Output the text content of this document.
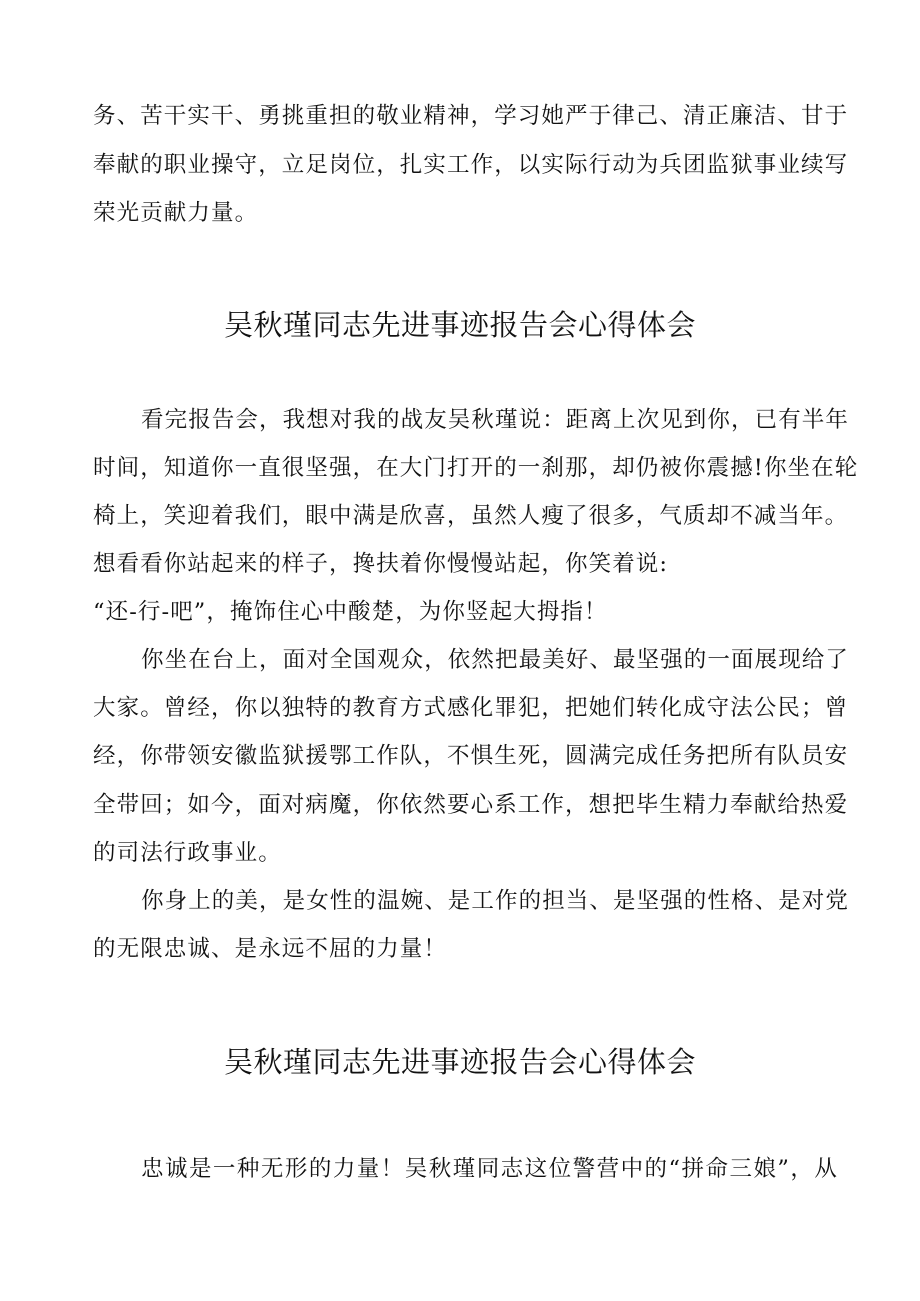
务、苦干实干、勇挑重担的敬业精神，学习她严于律己、清正廉洁、甘于
奉献的职业操守，立足岗位，扎实工作，以实际行动为兵团监狱事业续写
荣光贡献力量。
吴秋瑾同志先进事迹报告会心得体会
看完报告会，我想对我的战友吴秋瑾说：距离上次见到你，已有半年
时间，知道你一直很坚强，在大门打开的一刹那，却仍被你震撼!你坐在轮
椅上，笑迎着我们，眼中满是欣喜，虽然人瘦了很多，气质却不减当年。
想看看你站起来的样子，搀扶着你慢慢站起，你笑着说:
“还-行-吧”，掩饰住心中酸楚，为你竖起大拇指！
你坐在台上，面对全国观众，依然把最美好、最坚强的一面展现给了
大家。曾经，你以独特的教育方式感化罪犯，把她们转化成守法公民；曾
经，你带领安徽监狱援鄂工作队，不惧生死，圆满完成任务把所有队员安
全带回；如今，面对病魔，你依然要心系工作，想把毕生精力奉献给热爱
的司法行政事业。
你身上的美，是女性的温婉、是工作的担当、是坚强的性格、是对党
的无限忠诚、是永远不屈的力量！
吴秋瑾同志先进事迹报告会心得体会
忠诚是一种无形的力量！吴秋瑾同志这位警营中的“拼命三娘”，从
